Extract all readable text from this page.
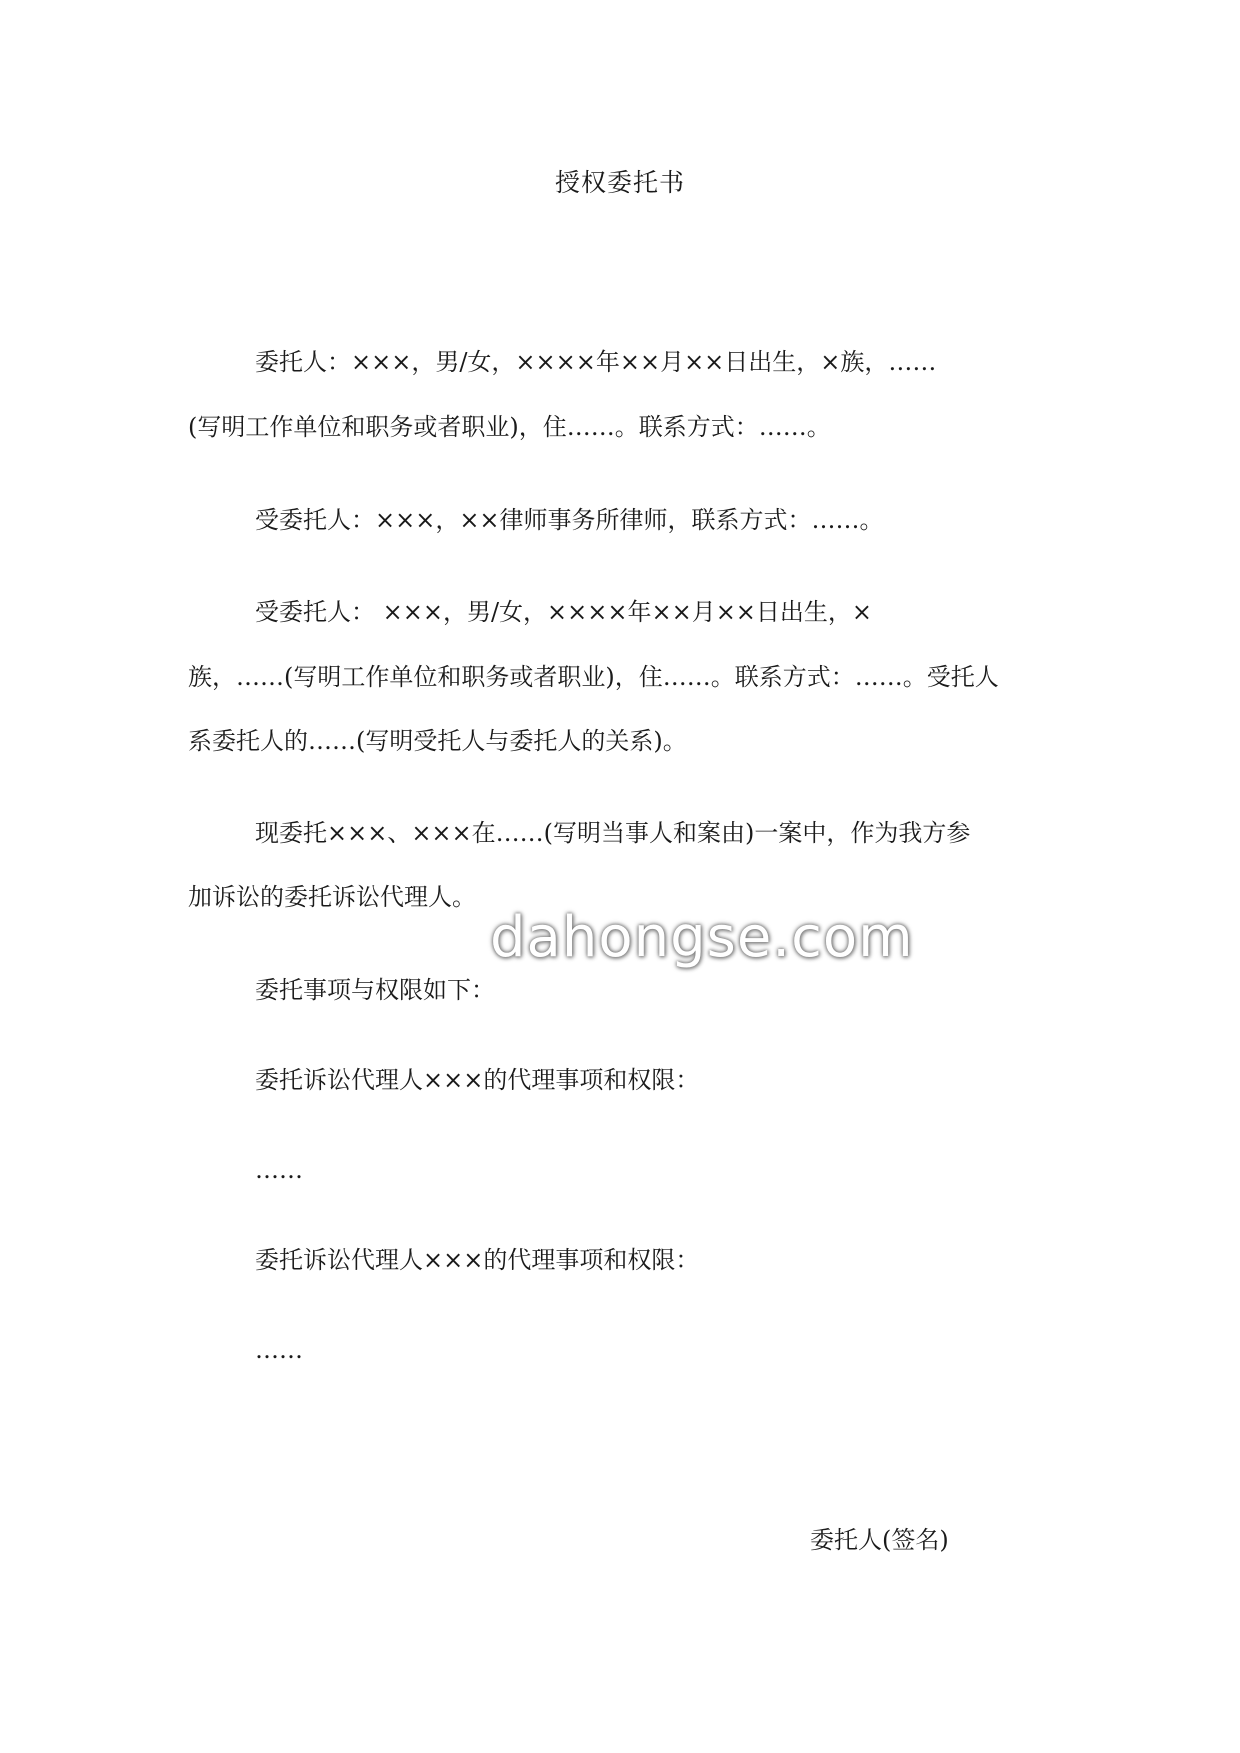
授权委托书
委托人：×××，男/女，××××年××月××日出生，×族，……
(写明工作单位和职务或者职业)，住……。联系方式：……。
受委托人：×××，××律师事务所律师，联系方式：……。
受委托人： ×××，男/女，××××年××月××日出生，×
族，……(写明工作单位和职务或者职业)，住……。联系方式：……。受托人
系委托人的……(写明受托人与委托人的关系)。
现委托×××、×××在……(写明当事人和案由)一案中，作为我方参
加诉讼的委托诉讼代理人。
委托事项与权限如下：
委托诉讼代理人×××的代理事项和权限：
……
委托诉讼代理人×××的代理事项和权限：
……
委托人(签名)
dahongse.com
